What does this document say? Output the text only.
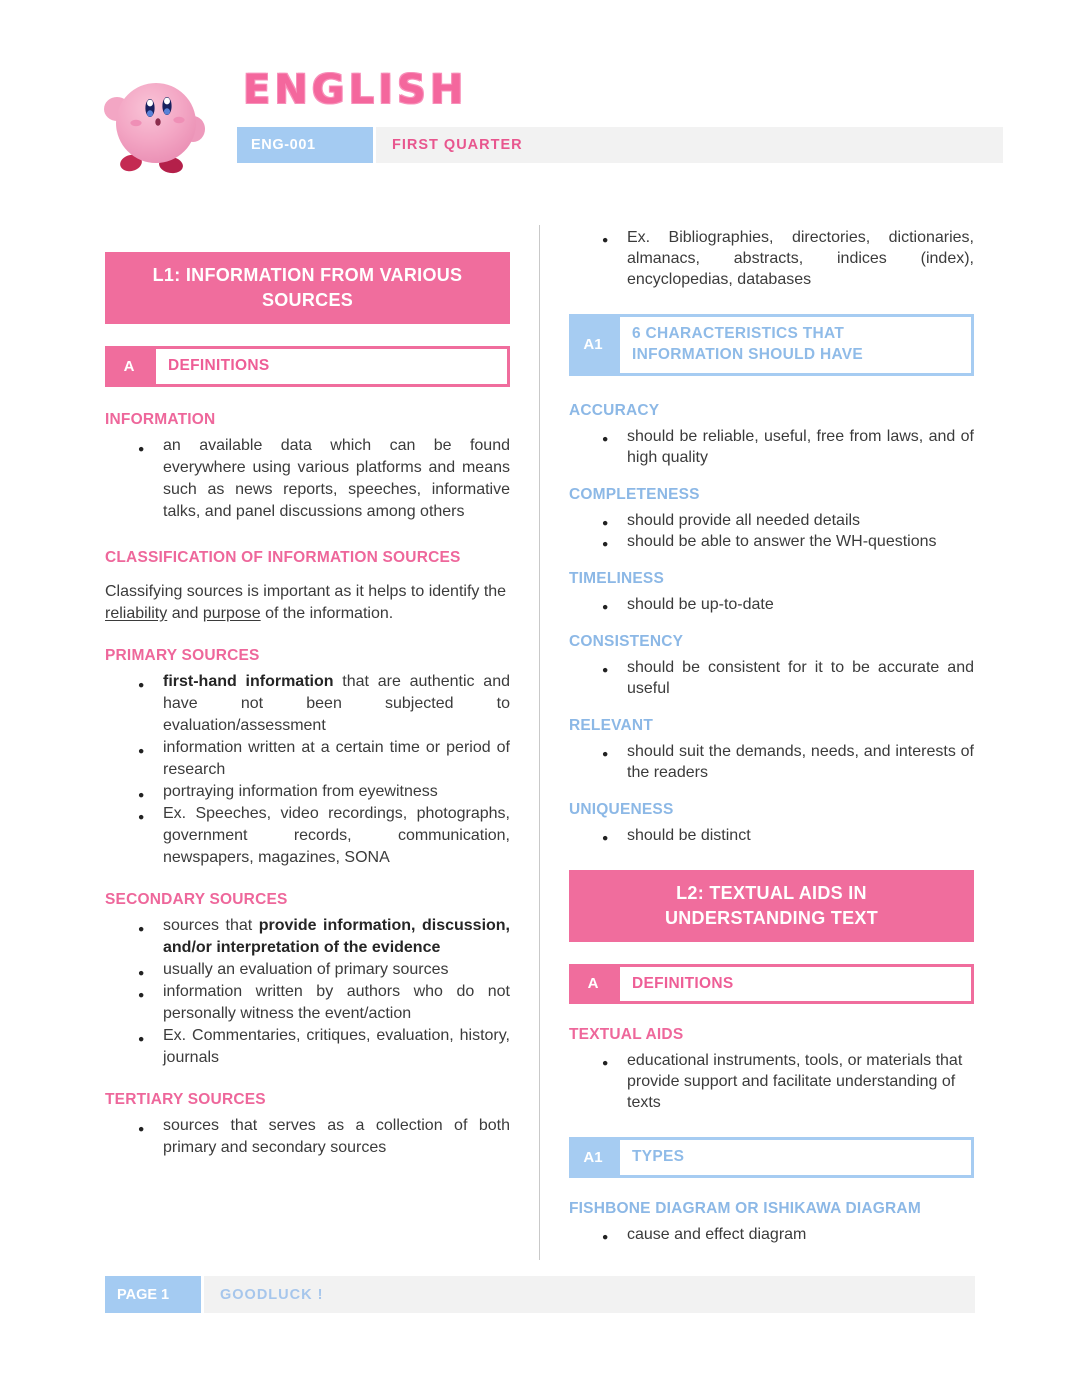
ENGLISH
ENG-001	FIRST QUARTER
L1: INFORMATION FROM VARIOUS SOURCES
A	DEFINITIONS
INFORMATION
● an available data which can be found everywhere using various platforms and means such as news reports, speeches, informative talks, and panel discussions among others
CLASSIFICATION OF INFORMATION SOURCES

Classifying sources is important as it helps to identify the reliability and purpose of the information.

PRIMARY SOURCES
● first-hand information that are authentic and have not been subjected to evaluation/assessment
● information written at a certain time or period of research
● portraying information from eyewitness
● Ex. Speeches, video recordings, photographs, government records, communication, newspapers, magazines, SONA
SECONDARY SOURCES
● sources that provide information, discussion, and/or interpretation of the evidence
● usually an evaluation of primary sources
● information written by authors who do not personally witness the event/action
● Ex. Commentaries, critiques, evaluation, history, journals
TERTIARY SOURCES
● sources that serves as a collection of both primary and secondary sources
● Ex. Bibliographies, directories, dictionaries, almanacs, abstracts, indices (index), encyclopedias, databases
A1
6 CHARACTERISTICS THAT INFORMATION SHOULD HAVE
ACCURACY
● should be reliable, useful, free from laws, and of high quality
COMPLETENESS
● should provide all needed details
● should be able to answer the WH-questions
TIMELINESS
● should be up-to-date
CONSISTENCY
● should be consistent for it to be accurate and useful
RELEVANT
● should suit the demands, needs, and interests of the readers
UNIQUENESS
● should be distinct
L2: TEXTUAL AIDS IN UNDERSTANDING TEXT
A	DEFINITIONS
TEXTUAL AIDS
● educational instruments, tools, or materials that provide support and facilitate understanding of texts
A1	TYPES
FISHBONE DIAGRAM OR ISHIKAWA DIAGRAM
● cause and effect diagram
PAGE 1	GOODLUCK !
